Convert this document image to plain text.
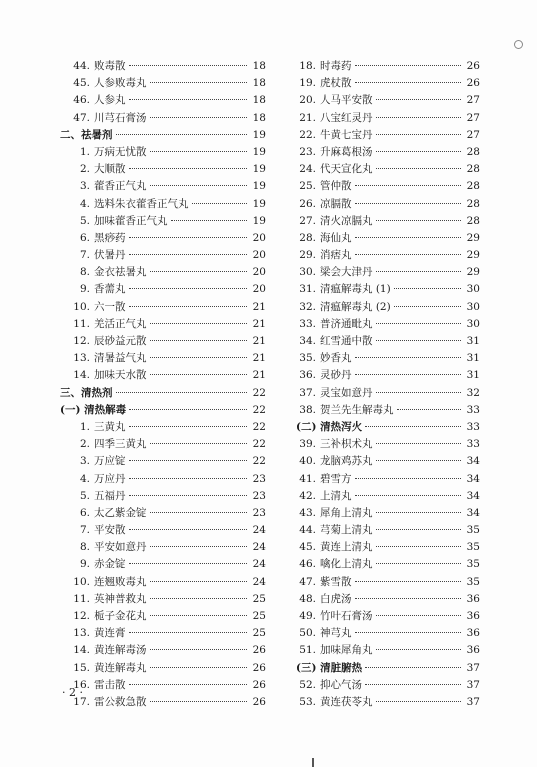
44. 败毒散	18
45. 人参败毒丸	18
46. 人参丸	18
47. 川芎石膏汤	18
二、祛暑剂	19
1. 万病无忧散	19
2. 大顺散	19
3. 藿香正气丸	19
4. 选料朱衣藿香正气丸	19
5. 加味藿香正气丸	19
6. 黑痧药	20
7. 伏暑丹	20
8. 金衣祛暑丸	20
9. 香薷丸	20
10. 六一散	21
11. 羌活正气丸	21
12. 辰砂益元散	21
13. 清暑益气丸	21
14. 加味天水散	21
三、清热剂	22
(一) 清热解毒	22
1. 三黄丸	22
2. 四季三黄丸	22
3. 万应锭	22
4. 万应丹	23
5. 五福丹	23
6. 太乙紫金锭	23
7. 平安散	24
8. 平安如意丹	24
9. 赤金锭	24
10. 连翘败毒丸	24
11. 英神普救丸	25
12. 栀子金花丸	25
13. 黄连膏	25
14. 黄连解毒汤	26
15. 黄连解毒丸	26
16. 雷击散	26
17. 雷公救急散	26
18. 时毒药	26
19. 虎杖散	26
20. 人马平安散	27
21. 八宝红灵丹	27
22. 牛黄七宝丹	27
23. 升麻葛根汤	28
24. 代天宣化丸	28
25. 管仲散	28
26. 凉膈散	28
27. 清火凉膈丸	28
28. 海仙丸	29
29. 消痞丸	29
30. 梁会大津丹	29
31. 清瘟解毒丸 (1)	30
32. 清瘟解毒丸 (2)	30
33. 普济通毗丸	30
34. 红雪通中散	31
35. 妙香丸	31
36. 灵砂丹	31
37. 灵宝如意丹	32
38. 贺兰先生解毒丸	33
(二) 清热泻火	33
39. 三补枳术丸	33
40. 龙脑鸡苏丸	34
41. 碧雪方	34
42. 上清丸	34
43. 犀角上清丸	34
44. 芎菊上清丸	35
45. 黄连上清丸	35
46. 噙化上清丸	35
47. 紫雪散	35
48. 白虎汤	36
49. 竹叶石膏汤	36
50. 神芎丸	36
51. 加味犀角丸	36
(三) 清脏腑热	37
52. 抑心气汤	37
53. 黄连茯苓丸	37
· 2 ·
